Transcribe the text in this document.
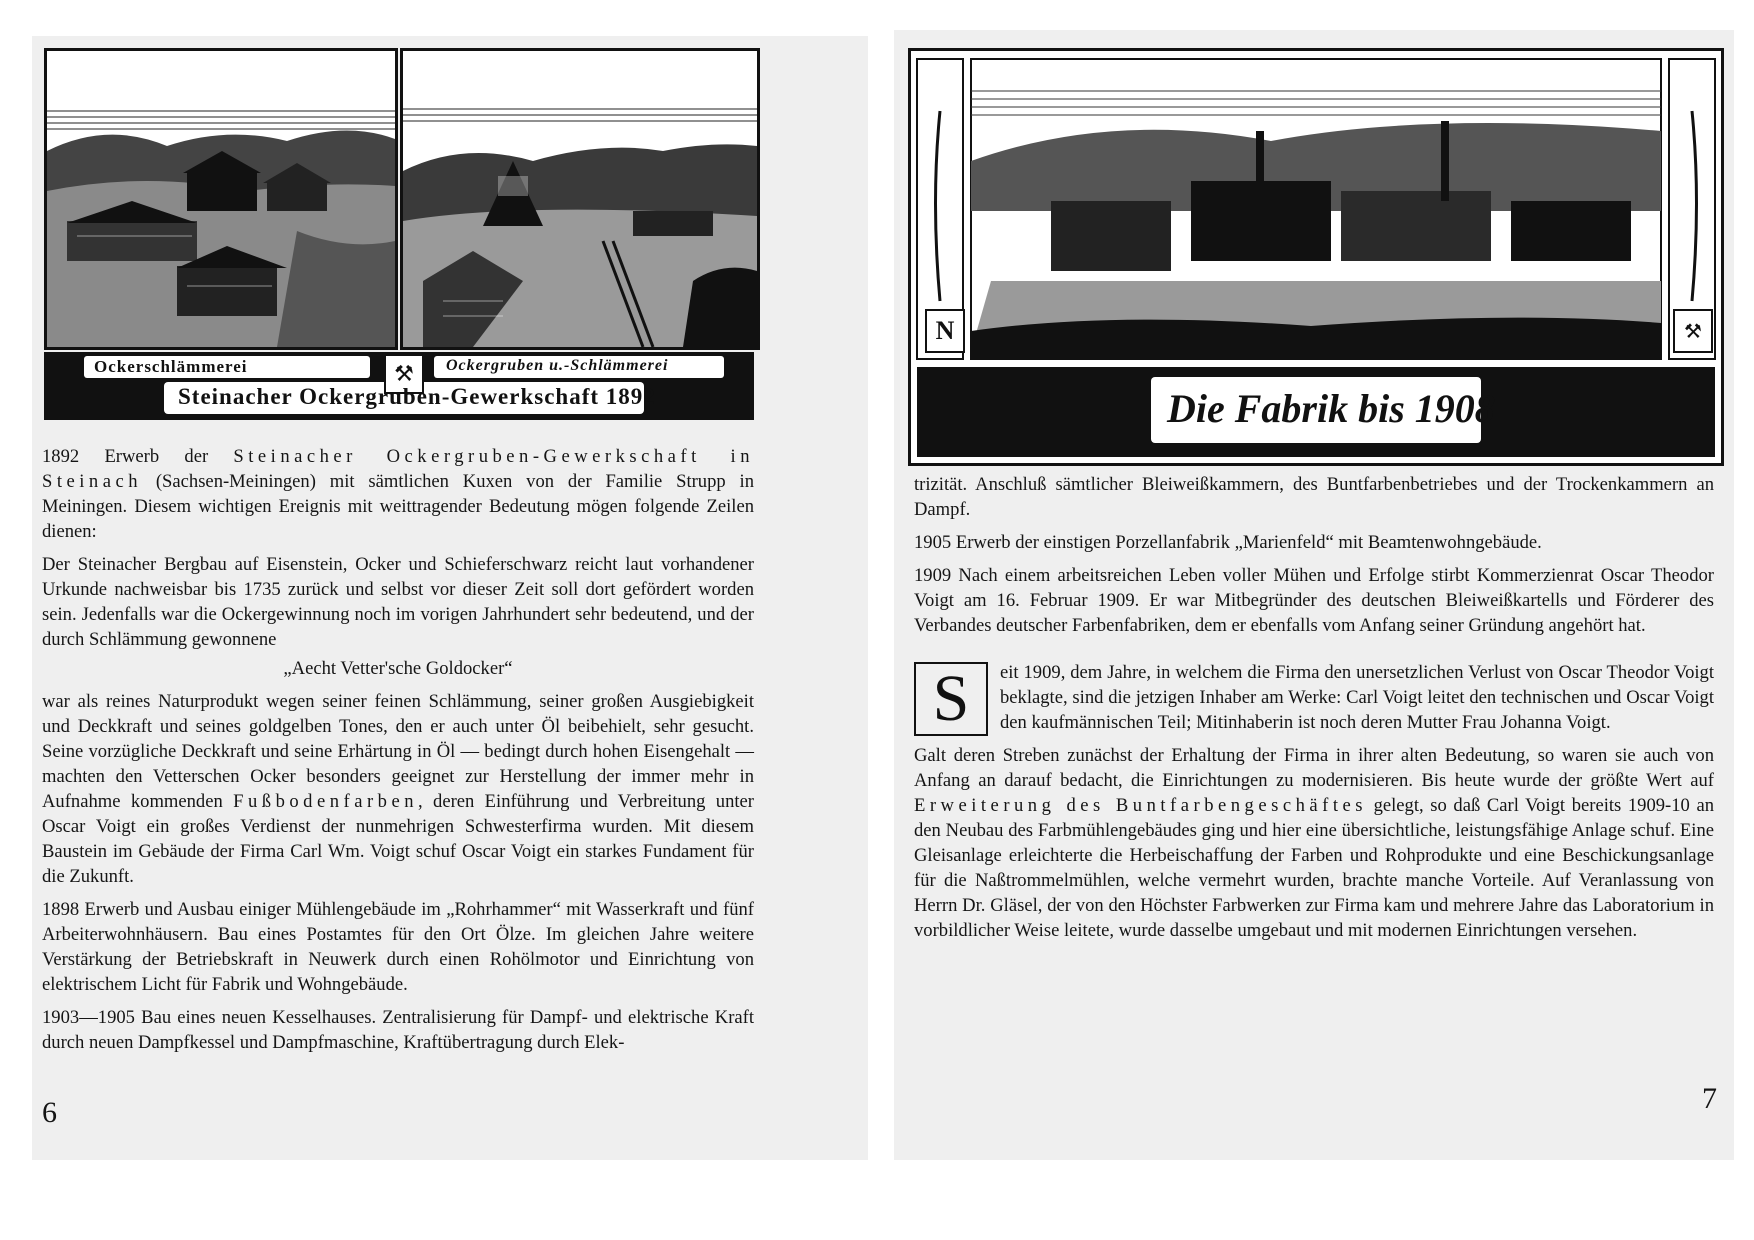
Ockerschlämmerei	Ockergruben u.-Schlämmerei
⚒
Steinacher Ockergruben-Gewerkschaft 1892

1892 Erwerb der Steinacher Ockergruben-Gewerkschaft in Steinach (Sachsen-Meiningen) mit sämtlichen Kuxen von der Familie Strupp in Meiningen. Diesem wichtigen Ereignis mit weittragender Bedeutung mögen folgende Zeilen dienen:

Der Steinacher Bergbau auf Eisenstein, Ocker und Schieferschwarz reicht laut vorhandener Urkunde nachweisbar bis 1735 zurück und selbst vor dieser Zeit soll dort gefördert worden sein. Jedenfalls war die Ockergewinnung noch im vorigen Jahrhundert sehr bedeutend, und der durch Schlämmung gewonnene

„Aecht Vetter'sche Goldocker“

war als reines Naturprodukt wegen seiner feinen Schlämmung, seiner großen Ausgiebigkeit und Deckkraft und seines goldgelben Tones, den er auch unter Öl beibehielt, sehr gesucht. Seine vorzügliche Deckkraft und seine Erhärtung in Öl — bedingt durch hohen Eisengehalt — machten den Vetterschen Ocker besonders geeignet zur Herstellung der immer mehr in Aufnahme kommenden Fußbodenfarben, deren Einführung und Verbreitung unter Oscar Voigt ein großes Verdienst der nunmehrigen Schwesterfirma wurden. Mit diesem Baustein im Gebäude der Firma Carl Wm. Voigt schuf Oscar Voigt ein starkes Fundament für die Zukunft.

1898 Erwerb und Ausbau einiger Mühlengebäude im „Rohrhammer“ mit Wasserkraft und fünf Arbeiterwohnhäusern. Bau eines Postamtes für den Ort Ölze. Im gleichen Jahre weitere Verstärkung der Betriebskraft in Neuwerk durch einen Rohölmotor und Einrichtung von elektrischem Licht für Fabrik und Wohngebäude.

1903—1905 Bau eines neuen Kesselhauses. Zentralisierung für Dampf- und elektrische Kraft durch neuen Dampfkessel und Dampfmaschine, Kraftübertragung durch Elek-

6
N	⚒
Die Fabrik bis 1908

trizität. Anschluß sämtlicher Bleiweißkammern, des Buntfarbenbetriebes und der Trockenkammern an Dampf.

1905 Erwerb der einstigen Porzellanfabrik „Marienfeld“ mit Beamtenwohngebäude.

1909 Nach einem arbeitsreichen Leben voller Mühen und Erfolge stirbt Kommerzienrat Oscar Theodor Voigt am 16. Februar 1909. Er war Mitbegründer des deutschen Bleiweißkartells und Förderer des Verbandes deutscher Farbenfabriken, dem er ebenfalls vom Anfang seiner Gründung angehört hat.

S	eit 1909, dem Jahre, in welchem die Firma den unersetzlichen Verlust von Oscar Theodor Voigt beklagte, sind die jetzigen Inhaber am Werke: Carl Voigt leitet den technischen und Oscar Voigt den kaufmännischen Teil; Mitinhaberin ist noch deren Mutter Frau Johanna Voigt.

Galt deren Streben zunächst der Erhaltung der Firma in ihrer alten Bedeutung, so waren sie auch von Anfang an darauf bedacht, die Einrichtungen zu modernisieren. Bis heute wurde der größte Wert auf Erweiterung des Buntfarbengeschäftes gelegt, so daß Carl Voigt bereits 1909-10 an den Neubau des Farbmühlengebäudes ging und hier eine übersichtliche, leistungsfähige Anlage schuf. Eine Gleisanlage erleichterte die Herbeischaffung der Farben und Rohprodukte und eine Beschickungsanlage für die Naßtrommelmühlen, welche vermehrt wurden, brachte manche Vorteile. Auf Veranlassung von Herrn Dr. Gläsel, der von den Höchster Farbwerken zur Firma kam und mehrere Jahre das Laboratorium in vorbildlicher Weise leitete, wurde dasselbe umgebaut und mit modernen Einrichtungen versehen.

7
